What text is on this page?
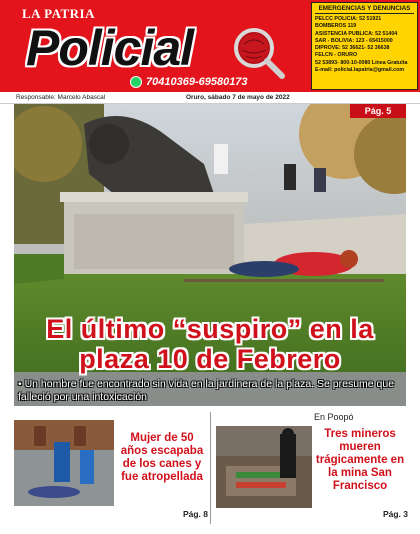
LA PATRIA
Policial
70410369-69580173
EMERGENCIAS Y DENUNCIAS
PELCC POLICÍA: 52 51921
BOMBEROS 119
ASISTENCIA PUBLICA: 52 51404
SAR - BOLIVIA: 123 - 65415000
DIPROVE: 52 36621- 52 36638
FELCN - ORURO
52 53893- 800-10-0080 Línea Gratuita
E-mail: policial.lapatria@gmail.com
Responsable: Marcelo Abascal	Oruro, sábado 7 de mayo de 2022
Pág. 5
El último “suspiro” en la plaza 10 de Febrero
• Un hombre fue encontrado sin vida en la jardinera de la plaza. Se presume que falleció por una intoxicación
Mujer de 50 años escapaba de los canes y fue atropellada
Pág. 8
En Poopó
Tres mineros mueren trágicamente en la mina San Francisco
Pág. 3
